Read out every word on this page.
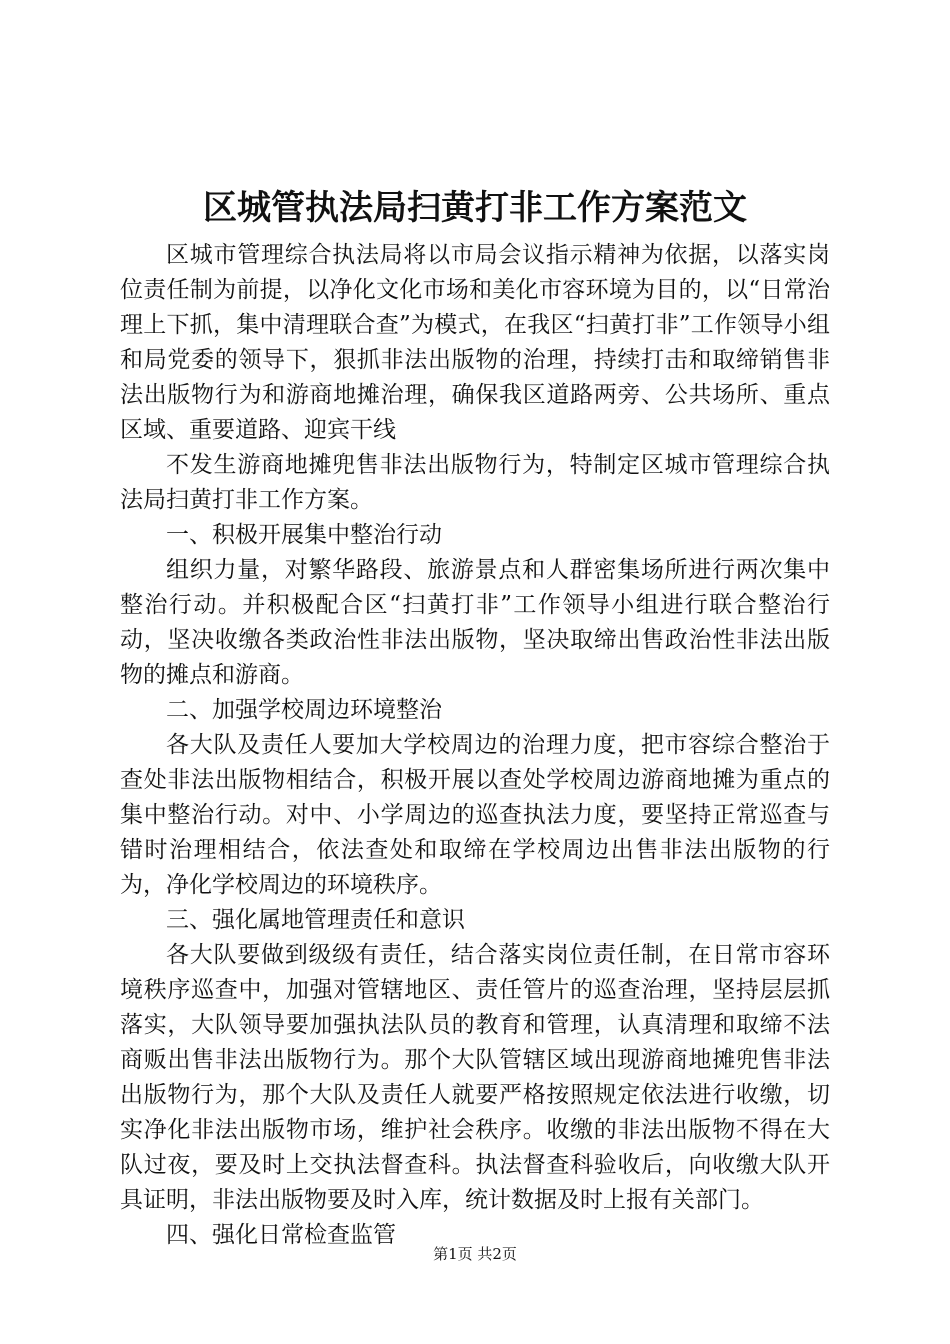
区城管执法局扫黄打非工作方案范文

区城市管理综合执法局将以市局会议指示精神为依据，以落实岗位责任制为前提，以净化文化市场和美化市容环境为目的，以“日常治理上下抓，集中清理联合查”为模式，在我区“扫黄打非”工作领导小组和局党委的领导下，狠抓非法出版物的治理，持续打击和取缔销售非法出版物行为和游商地摊治理，确保我区道路两旁、公共场所、重点区域、重要道路、迎宾干线

不发生游商地摊兜售非法出版物行为，特制定区城市管理综合执法局扫黄打非工作方案。

一、积极开展集中整治行动

组织力量，对繁华路段、旅游景点和人群密集场所进行两次集中整治行动。并积极配合区“扫黄打非”工作领导小组进行联合整治行动，坚决收缴各类政治性非法出版物，坚决取缔出售政治性非法出版物的摊点和游商。

二、加强学校周边环境整治

各大队及责任人要加大学校周边的治理力度，把市容综合整治于查处非法出版物相结合，积极开展以查处学校周边游商地摊为重点的集中整治行动。对中、小学周边的巡查执法力度，要坚持正常巡查与错时治理相结合，依法查处和取缔在学校周边出售非法出版物的行为，净化学校周边的环境秩序。

三、强化属地管理责任和意识

各大队要做到级级有责任，结合落实岗位责任制，在日常市容环境秩序巡查中，加强对管辖地区、责任管片的巡查治理，坚持层层抓落实，大队领导要加强执法队员的教育和管理，认真清理和取缔不法商贩出售非法出版物行为。那个大队管辖区域出现游商地摊兜售非法出版物行为，那个大队及责任人就要严格按照规定依法进行收缴，切实净化非法出版物市场，维护社会秩序。收缴的非法出版物不得在大队过夜，要及时上交执法督查科。执法督查科验收后，向收缴大队开具证明，非法出版物要及时入库，统计数据及时上报有关部门。

四、强化日常检查监管

第1页 共2页
